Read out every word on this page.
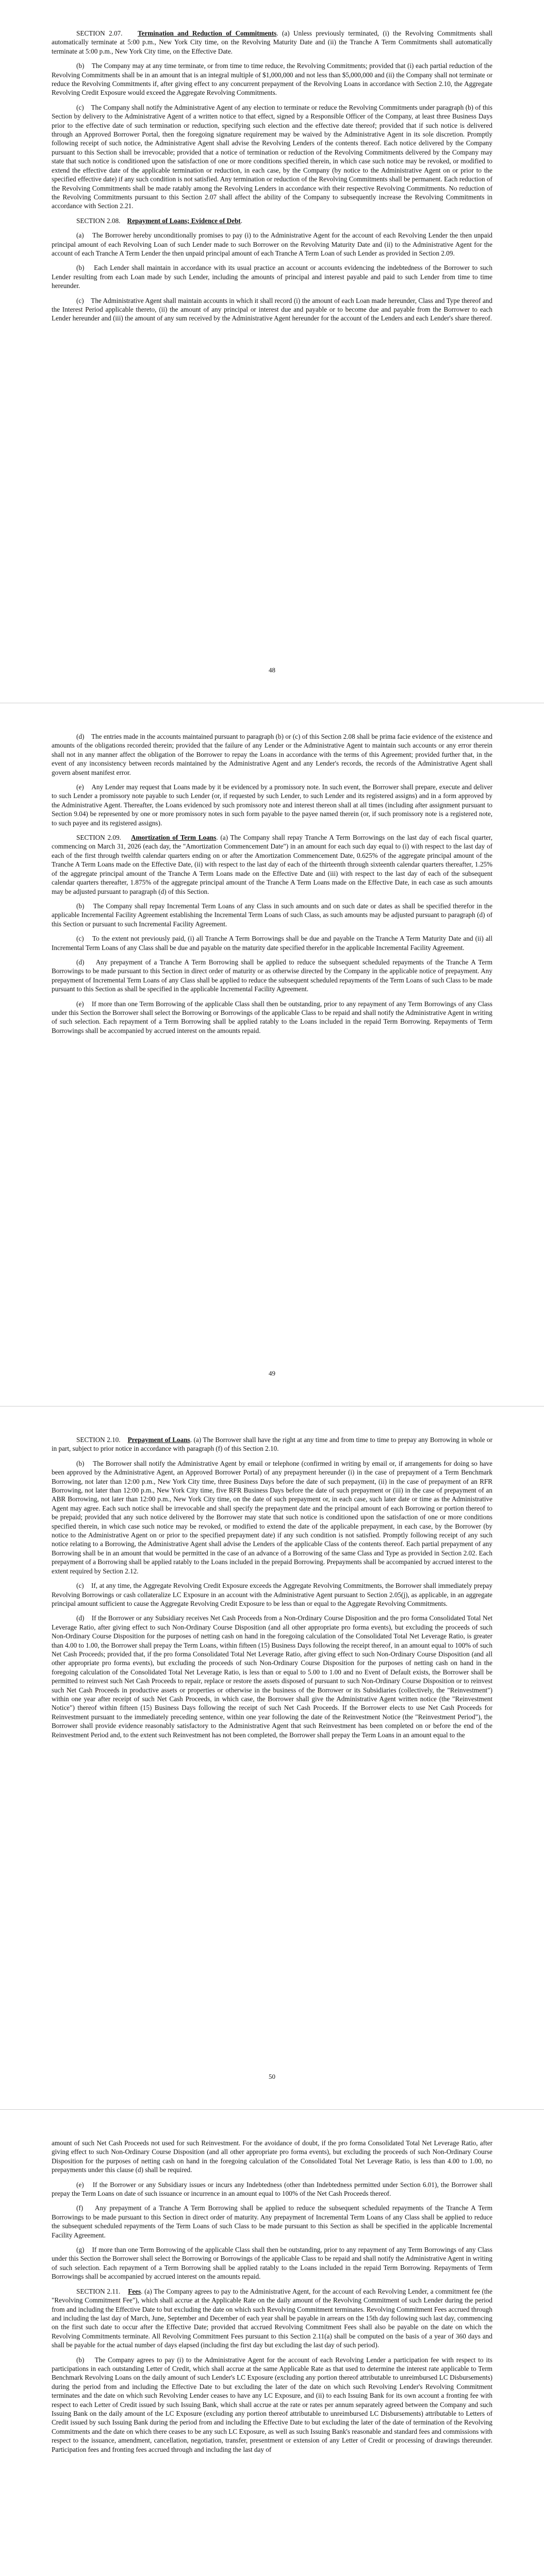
SECTION 2.07. Termination and Reduction of Commitments. (a) Unless previously terminated, (i) the Revolving Commitments shall automatically terminate at 5:00 p.m., New York City time, on the Revolving Maturity Date and (ii) the Tranche A Term Commitments shall automatically terminate at 5:00 p.m., New York City time, on the Effective Date.

(b) The Company may at any time terminate, or from time to time reduce, the Revolving Commitments; provided that (i) each partial reduction of the Revolving Commitments shall be in an amount that is an integral multiple of $1,000,000 and not less than $5,000,000 and (ii) the Company shall not terminate or reduce the Revolving Commitments if, after giving effect to any concurrent prepayment of the Revolving Loans in accordance with Section 2.10, the Aggregate Revolving Credit Exposure would exceed the Aggregate Revolving Commitments.

(c) The Company shall notify the Administrative Agent of any election to terminate or reduce the Revolving Commitments under paragraph (b) of this Section by delivery to the Administrative Agent of a written notice to that effect, signed by a Responsible Officer of the Company, at least three Business Days prior to the effective date of such termination or reduction, specifying such election and the effective date thereof; provided that if such notice is delivered through an Approved Borrower Portal, then the foregoing signature requirement may be waived by the Administrative Agent in its sole discretion. Promptly following receipt of such notice, the Administrative Agent shall advise the Revolving Lenders of the contents thereof. Each notice delivered by the Company pursuant to this Section shall be irrevocable; provided that a notice of termination or reduction of the Revolving Commitments delivered by the Company may state that such notice is conditioned upon the satisfaction of one or more conditions specified therein, in which case such notice may be revoked, or modified to extend the effective date of the applicable termination or reduction, in each case, by the Company (by notice to the Administrative Agent on or prior to the specified effective date) if any such condition is not satisfied. Any termination or reduction of the Revolving Commitments shall be permanent. Each reduction of the Revolving Commitments shall be made ratably among the Revolving Lenders in accordance with their respective Revolving Commitments. No reduction of the Revolving Commitments pursuant to this Section 2.07 shall affect the ability of the Company to subsequently increase the Revolving Commitments in accordance with Section 2.21.

SECTION 2.08. Repayment of Loans; Evidence of Debt.

(a) The Borrower hereby unconditionally promises to pay (i) to the Administrative Agent for the account of each Revolving Lender the then unpaid principal amount of each Revolving Loan of such Lender made to such Borrower on the Revolving Maturity Date and (ii) to the Administrative Agent for the account of each Tranche A Term Lender the then unpaid principal amount of each Tranche A Term Loan of such Lender as provided in Section 2.09.

(b) Each Lender shall maintain in accordance with its usual practice an account or accounts evidencing the indebtedness of the Borrower to such Lender resulting from each Loan made by such Lender, including the amounts of principal and interest payable and paid to such Lender from time to time hereunder.

(c) The Administrative Agent shall maintain accounts in which it shall record (i) the amount of each Loan made hereunder, Class and Type thereof and the Interest Period applicable thereto, (ii) the amount of any principal or interest due and payable or to become due and payable from the Borrower to each Lender hereunder and (iii) the amount of any sum received by the Administrative Agent hereunder for the account of the Lenders and each Lender's share thereof.

48

(d) The entries made in the accounts maintained pursuant to paragraph (b) or (c) of this Section 2.08 shall be prima facie evidence of the existence and amounts of the obligations recorded therein; provided that the failure of any Lender or the Administrative Agent to maintain such accounts or any error therein shall not in any manner affect the obligation of the Borrower to repay the Loans in accordance with the terms of this Agreement; provided further that, in the event of any inconsistency between records maintained by the Administrative Agent and any Lender's records, the records of the Administrative Agent shall govern absent manifest error.

(e) Any Lender may request that Loans made by it be evidenced by a promissory note. In such event, the Borrower shall prepare, execute and deliver to such Lender a promissory note payable to such Lender (or, if requested by such Lender, to such Lender and its registered assigns) and in a form approved by the Administrative Agent. Thereafter, the Loans evidenced by such promissory note and interest thereon shall at all times (including after assignment pursuant to Section 9.04) be represented by one or more promissory notes in such form payable to the payee named therein (or, if such promissory note is a registered note, to such payee and its registered assigns).

SECTION 2.09. Amortization of Term Loans. (a) The Company shall repay Tranche A Term Borrowings on the last day of each fiscal quarter, commencing on March 31, 2026 (each day, the "Amortization Commencement Date") in an amount for each such day equal to (i) with respect to the last day of each of the first through twelfth calendar quarters ending on or after the Amortization Commencement Date, 0.625% of the aggregate principal amount of the Tranche A Term Loans made on the Effective Date, (ii) with respect to the last day of each of the thirteenth through sixteenth calendar quarters thereafter, 1.25% of the aggregate principal amount of the Tranche A Term Loans made on the Effective Date and (iii) with respect to the last day of each of the subsequent calendar quarters thereafter, 1.875% of the aggregate principal amount of the Tranche A Term Loans made on the Effective Date, in each case as such amounts may be adjusted pursuant to paragraph (d) of this Section.

(b) The Company shall repay Incremental Term Loans of any Class in such amounts and on such date or dates as shall be specified therefor in the applicable Incremental Facility Agreement establishing the Incremental Term Loans of such Class, as such amounts may be adjusted pursuant to paragraph (d) of this Section or pursuant to such Incremental Facility Agreement.

(c) To the extent not previously paid, (i) all Tranche A Term Borrowings shall be due and payable on the Tranche A Term Maturity Date and (ii) all Incremental Term Loans of any Class shall be due and payable on the maturity date specified therefor in the applicable Incremental Facility Agreement.

(d) Any prepayment of a Tranche A Term Borrowing shall be applied to reduce the subsequent scheduled repayments of the Tranche A Term Borrowings to be made pursuant to this Section in direct order of maturity or as otherwise directed by the Company in the applicable notice of prepayment. Any prepayment of Incremental Term Loans of any Class shall be applied to reduce the subsequent scheduled repayments of the Term Loans of such Class to be made pursuant to this Section as shall be specified in the applicable Incremental Facility Agreement.

(e) If more than one Term Borrowing of the applicable Class shall then be outstanding, prior to any repayment of any Term Borrowings of any Class under this Section the Borrower shall select the Borrowing or Borrowings of the applicable Class to be repaid and shall notify the Administrative Agent in writing of such selection. Each repayment of a Term Borrowing shall be applied ratably to the Loans included in the repaid Term Borrowing. Repayments of Term Borrowings shall be accompanied by accrued interest on the amounts repaid.

49

SECTION 2.10. Prepayment of Loans. (a) The Borrower shall have the right at any time and from time to time to prepay any Borrowing in whole or in part, subject to prior notice in accordance with paragraph (f) of this Section 2.10.

(b) The Borrower shall notify the Administrative Agent by email or telephone (confirmed in writing by email or, if arrangements for doing so have been approved by the Administrative Agent, an Approved Borrower Portal) of any prepayment hereunder (i) in the case of prepayment of a Term Benchmark Borrowing, not later than 12:00 p.m., New York City time, three Business Days before the date of such prepayment, (ii) in the case of prepayment of an RFR Borrowing, not later than 12:00 p.m., New York City time, five RFR Business Days before the date of such prepayment or (iii) in the case of prepayment of an ABR Borrowing, not later than 12:00 p.m., New York City time, on the date of such prepayment or, in each case, such later date or time as the Administrative Agent may agree. Each such notice shall be irrevocable and shall specify the prepayment date and the principal amount of each Borrowing or portion thereof to be prepaid; provided that any such notice delivered by the Borrower may state that such notice is conditioned upon the satisfaction of one or more conditions specified therein, in which case such notice may be revoked, or modified to extend the date of the applicable prepayment, in each case, by the Borrower (by notice to the Administrative Agent on or prior to the specified prepayment date) if any such condition is not satisfied. Promptly following receipt of any such notice relating to a Borrowing, the Administrative Agent shall advise the Lenders of the applicable Class of the contents thereof. Each partial prepayment of any Borrowing shall be in an amount that would be permitted in the case of an advance of a Borrowing of the same Class and Type as provided in Section 2.02. Each prepayment of a Borrowing shall be applied ratably to the Loans included in the prepaid Borrowing. Prepayments shall be accompanied by accrued interest to the extent required by Section 2.12.

(c) If, at any time, the Aggregate Revolving Credit Exposure exceeds the Aggregate Revolving Commitments, the Borrower shall immediately prepay Revolving Borrowings or cash collateralize LC Exposure in an account with the Administrative Agent pursuant to Section 2.05(j), as applicable, in an aggregate principal amount sufficient to cause the Aggregate Revolving Credit Exposure to be less than or equal to the Aggregate Revolving Commitments.

(d) If the Borrower or any Subsidiary receives Net Cash Proceeds from a Non-Ordinary Course Disposition and the pro forma Consolidated Total Net Leverage Ratio, after giving effect to such Non-Ordinary Course Disposition (and all other appropriate pro forma events), but excluding the proceeds of such Non-Ordinary Course Disposition for the purposes of netting cash on hand in the foregoing calculation of the Consolidated Total Net Leverage Ratio, is greater than 4.00 to 1.00, the Borrower shall prepay the Term Loans, within fifteen (15) Business Days following the receipt thereof, in an amount equal to 100% of such Net Cash Proceeds; provided that, if the pro forma Consolidated Total Net Leverage Ratio, after giving effect to such Non-Ordinary Course Disposition (and all other appropriate pro forma events), but excluding the proceeds of such Non-Ordinary Course Disposition for the purposes of netting cash on hand in the foregoing calculation of the Consolidated Total Net Leverage Ratio, is less than or equal to 5.00 to 1.00 and no Event of Default exists, the Borrower shall be permitted to reinvest such Net Cash Proceeds to repair, replace or restore the assets disposed of pursuant to such Non-Ordinary Course Disposition or to reinvest such Net Cash Proceeds in productive assets or properties or otherwise in the business of the Borrower or its Subsidiaries (collectively, the "Reinvestment") within one year after receipt of such Net Cash Proceeds, in which case, the Borrower shall give the Administrative Agent written notice (the "Reinvestment Notice") thereof within fifteen (15) Business Days following the receipt of such Net Cash Proceeds. If the Borrower elects to use Net Cash Proceeds for Reinvestment pursuant to the immediately preceding sentence, within one year following the date of the Reinvestment Notice (the "Reinvestment Period"), the Borrower shall provide evidence reasonably satisfactory to the Administrative Agent that such Reinvestment has been completed on or before the end of the Reinvestment Period and, to the extent such Reinvestment has not been completed, the Borrower shall prepay the Term Loans in an amount equal to the

50

amount of such Net Cash Proceeds not used for such Reinvestment. For the avoidance of doubt, if the pro forma Consolidated Total Net Leverage Ratio, after giving effect to such Non-Ordinary Course Disposition (and all other appropriate pro forma events), but excluding the proceeds of such Non-Ordinary Course Disposition for the purposes of netting cash on hand in the foregoing calculation of the Consolidated Total Net Leverage Ratio, is less than 4.00 to 1.00, no prepayments under this clause (d) shall be required.

(e) If the Borrower or any Subsidiary issues or incurs any Indebtedness (other than Indebtedness permitted under Section 6.01), the Borrower shall prepay the Term Loans on date of such issuance or incurrence in an amount equal to 100% of the Net Cash Proceeds thereof.

(f) Any prepayment of a Tranche A Term Borrowing shall be applied to reduce the subsequent scheduled repayments of the Tranche A Term Borrowings to be made pursuant to this Section in direct order of maturity. Any prepayment of Incremental Term Loans of any Class shall be applied to reduce the subsequent scheduled repayments of the Term Loans of such Class to be made pursuant to this Section as shall be specified in the applicable Incremental Facility Agreement.

(g) If more than one Term Borrowing of the applicable Class shall then be outstanding, prior to any repayment of any Term Borrowings of any Class under this Section the Borrower shall select the Borrowing or Borrowings of the applicable Class to be repaid and shall notify the Administrative Agent in writing of such selection. Each repayment of a Term Borrowing shall be applied ratably to the Loans included in the repaid Term Borrowing. Repayments of Term Borrowings shall be accompanied by accrued interest on the amounts repaid.

SECTION 2.11. Fees. (a) The Company agrees to pay to the Administrative Agent, for the account of each Revolving Lender, a commitment fee (the "Revolving Commitment Fee"), which shall accrue at the Applicable Rate on the daily amount of the Revolving Commitment of such Lender during the period from and including the Effective Date to but excluding the date on which such Revolving Commitment terminates. Revolving Commitment Fees accrued through and including the last day of March, June, September and December of each year shall be payable in arrears on the 15th day following such last day, commencing on the first such date to occur after the Effective Date; provided that accrued Revolving Commitment Fees shall also be payable on the date on which the Revolving Commitments terminate. All Revolving Commitment Fees pursuant to this Section 2.11(a) shall be computed on the basis of a year of 360 days and shall be payable for the actual number of days elapsed (including the first day but excluding the last day of such period).

(b) The Company agrees to pay (i) to the Administrative Agent for the account of each Revolving Lender a participation fee with respect to its participations in each outstanding Letter of Credit, which shall accrue at the same Applicable Rate as that used to determine the interest rate applicable to Term Benchmark Revolving Loans on the daily amount of such Lender's LC Exposure (excluding any portion thereof attributable to unreimbursed LC Disbursements) during the period from and including the Effective Date to but excluding the later of the date on which such Revolving Lender's Revolving Commitment terminates and the date on which such Revolving Lender ceases to have any LC Exposure, and (ii) to each Issuing Bank for its own account a fronting fee with respect to each Letter of Credit issued by such Issuing Bank, which shall accrue at the rate or rates per annum separately agreed between the Company and such Issuing Bank on the daily amount of the LC Exposure (excluding any portion thereof attributable to unreimbursed LC Disbursements) attributable to Letters of Credit issued by such Issuing Bank during the period from and including the Effective Date to but excluding the later of the date of termination of the Revolving Commitments and the date on which there ceases to be any such LC Exposure, as well as such Issuing Bank's reasonable and standard fees and commissions with respect to the issuance, amendment, cancellation, negotiation, transfer, presentment or extension of any Letter of Credit or processing of drawings thereunder. Participation fees and fronting fees accrued through and including the last day of
